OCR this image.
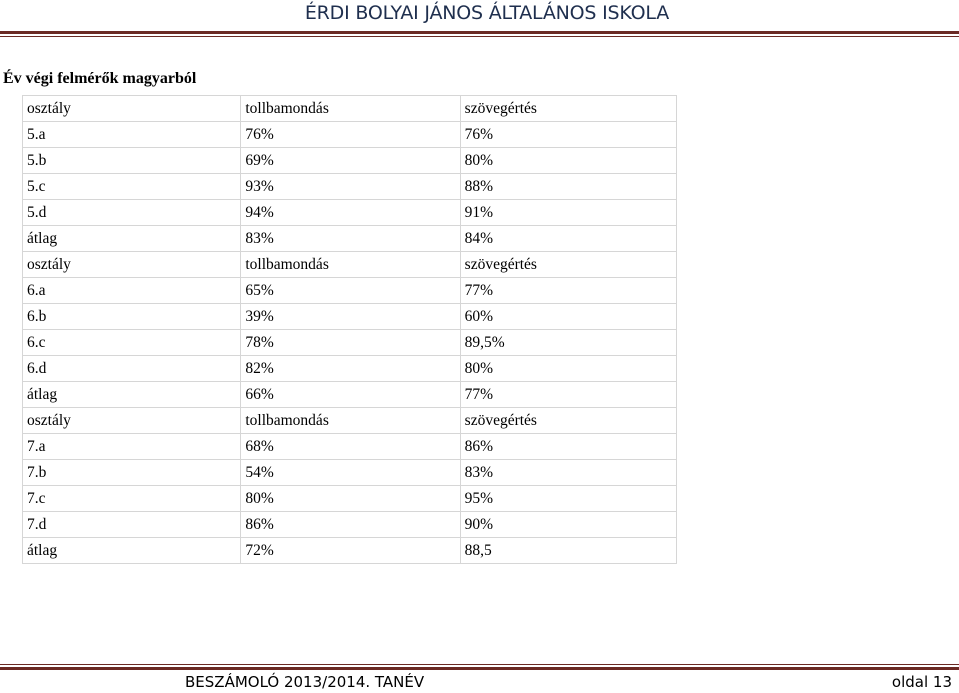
ÉRDI BOLYAI JÁNOS ÁLTALÁNOS ISKOLA
Év végi felmérők magyarból
osztály	tollbamondás	szövegértés
5.a	76%	76%
5.b	69%	80%
5.c	93%	88%
5.d	94%	91%
átlag	83%	84%
osztály	tollbamondás	szövegértés
6.a	65%	77%
6.b	39%	60%
6.c	78%	89,5%
6.d	82%	80%
átlag	66%	77%
osztály	tollbamondás	szövegértés
7.a	68%	86%
7.b	54%	83%
7.c	80%	95%
7.d	86%	90%
átlag	72%	88,5
BESZÁMOLÓ 2013/2014. TANÉV	oldal 13
